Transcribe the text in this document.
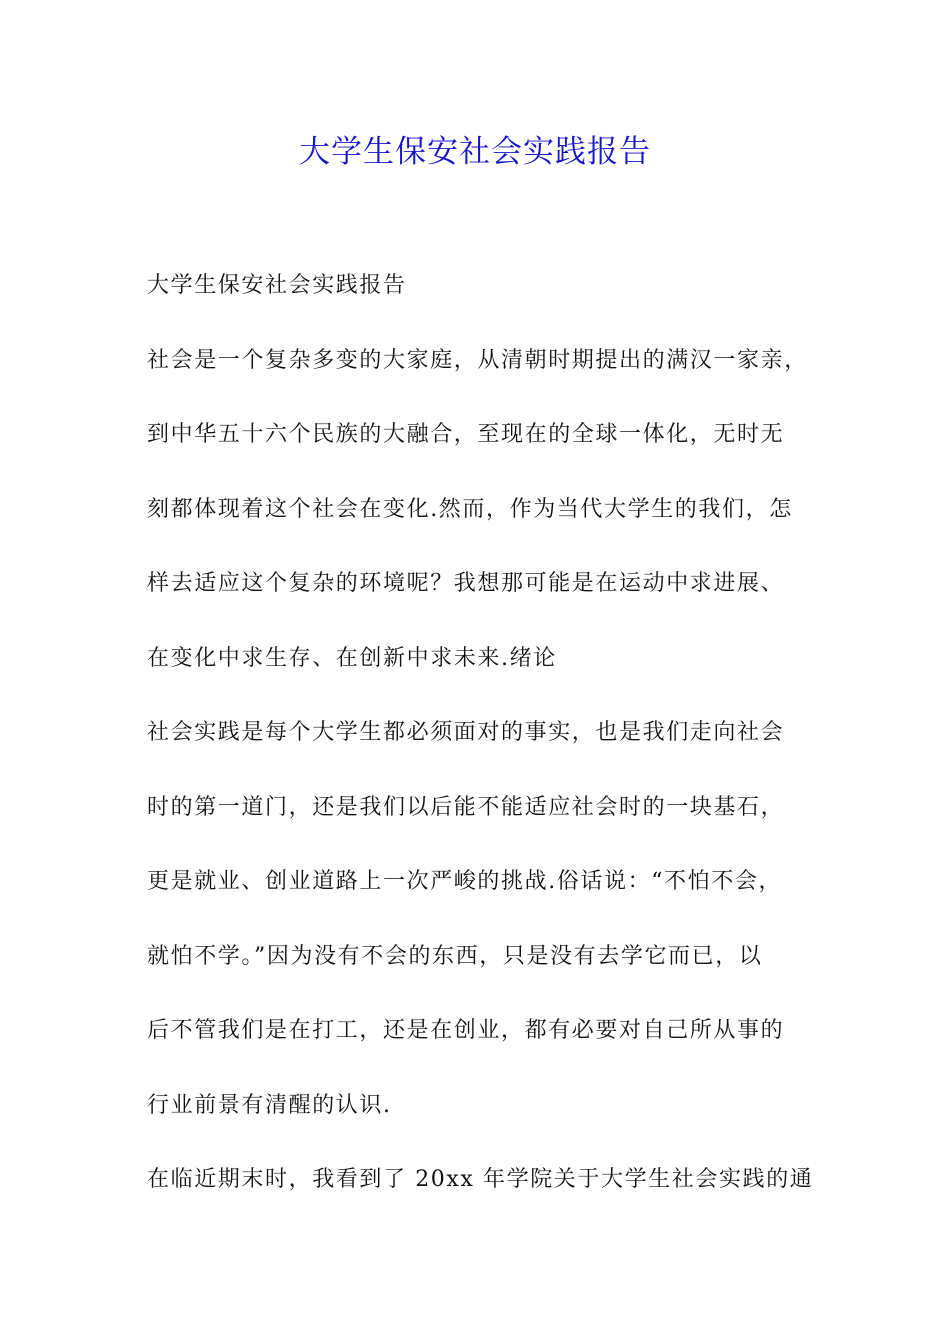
大学生保安社会实践报告
大学生保安社会实践报告
社会是一个复杂多变的大家庭，从清朝时期提出的满汉一家亲，
到中华五十六个民族的大融合，至现在的全球一体化，无时无
刻都体现着这个社会在变化.然而，作为当代大学生的我们，怎
样去适应这个复杂的环境呢？我想那可能是在运动中求进展、
在变化中求生存、在创新中求未来.绪论
社会实践是每个大学生都必须面对的事实，也是我们走向社会
时的第一道门，还是我们以后能不能适应社会时的一块基石，
更是就业、创业道路上一次严峻的挑战.俗话说：“不怕不会，
就怕不学。”因为没有不会的东西，只是没有去学它而已，以
后不管我们是在打工，还是在创业，都有必要对自己所从事的
行业前景有清醒的认识.
在临近期末时，我看到了 20xx 年学院关于大学生社会实践的通
